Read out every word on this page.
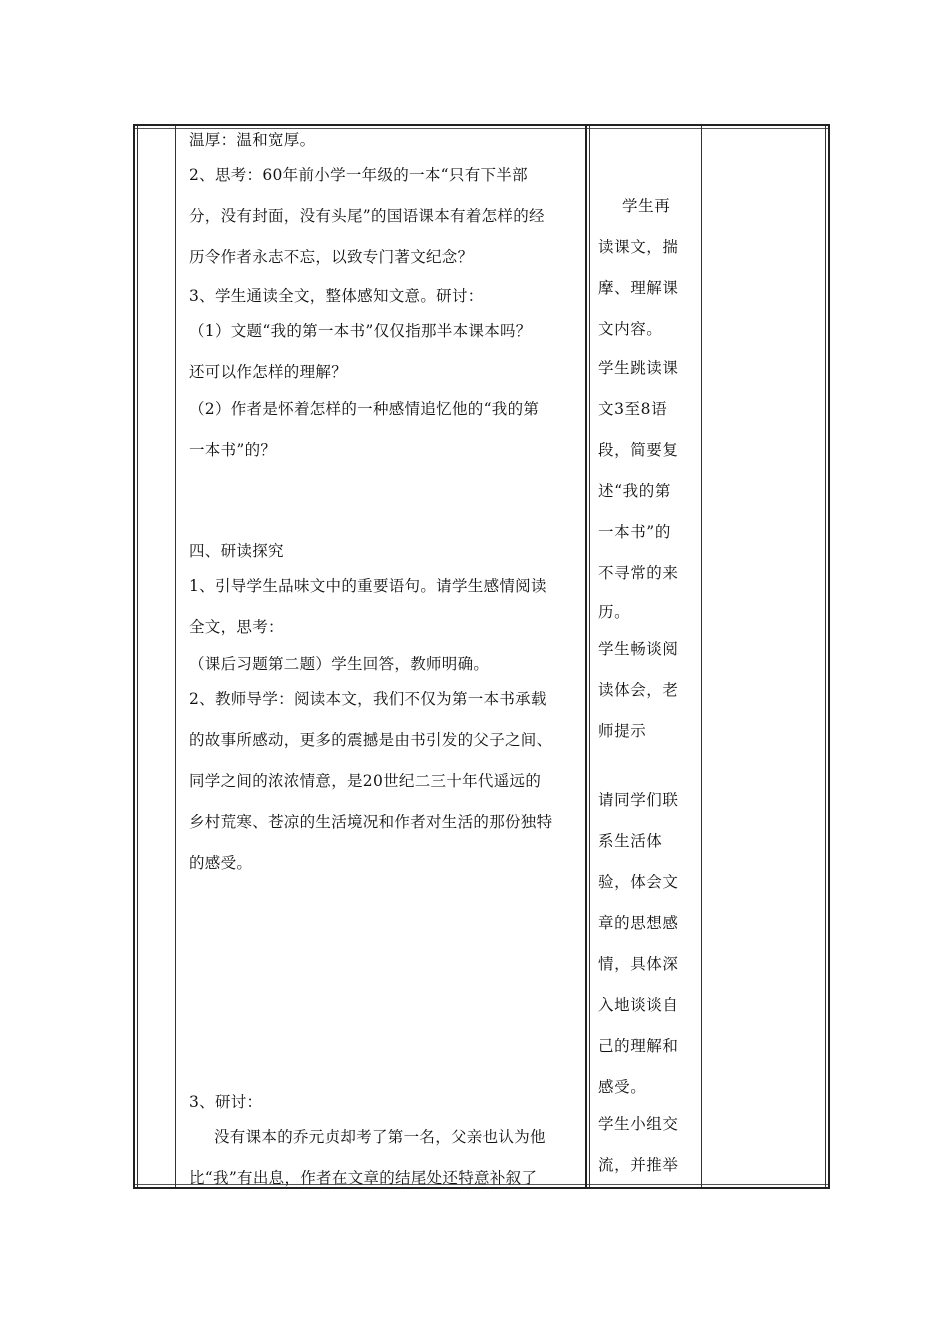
温厚：温和宽厚。
2、思考：60年前小学一年级的一本“只有下半部
分，没有封面，没有头尾”的国语课本有着怎样的经
历令作者永志不忘，以致专门著文纪念？
3、学生通读全文，整体感知文意。研讨：
（1）文题“我的第一本书”仅仅指那半本课本吗？
还可以作怎样的理解？
（2）作者是怀着怎样的一种感情追忆他的“我的第
一本书”的？
四、研读探究
1、引导学生品味文中的重要语句。请学生感情阅读
全文，思考：
（课后习题第二题）学生回答，教师明确。
2、教师导学：阅读本文，我们不仅为第一本书承载
的故事所感动，更多的震撼是由书引发的父子之间、
同学之间的浓浓情意，是20世纪二三十年代遥远的
乡村荒寒、苍凉的生活境况和作者对生活的那份独特
的感受。
3、研讨：
没有课本的乔元贞却考了第一名，父亲也认为他
比“我”有出息，作者在文章的结尾处还特意补叙了
学生再
读课文，揣
摩、理解课
文内容。
学生跳读课
文3至8语
段，简要复
述“我的第
一本书”的
不寻常的来
历。
学生畅谈阅
读体会，老
师提示
请同学们联
系生活体
验，体会文
章的思想感
情，具体深
入地谈谈自
己的理解和
感受。
学生小组交
流，并推举
